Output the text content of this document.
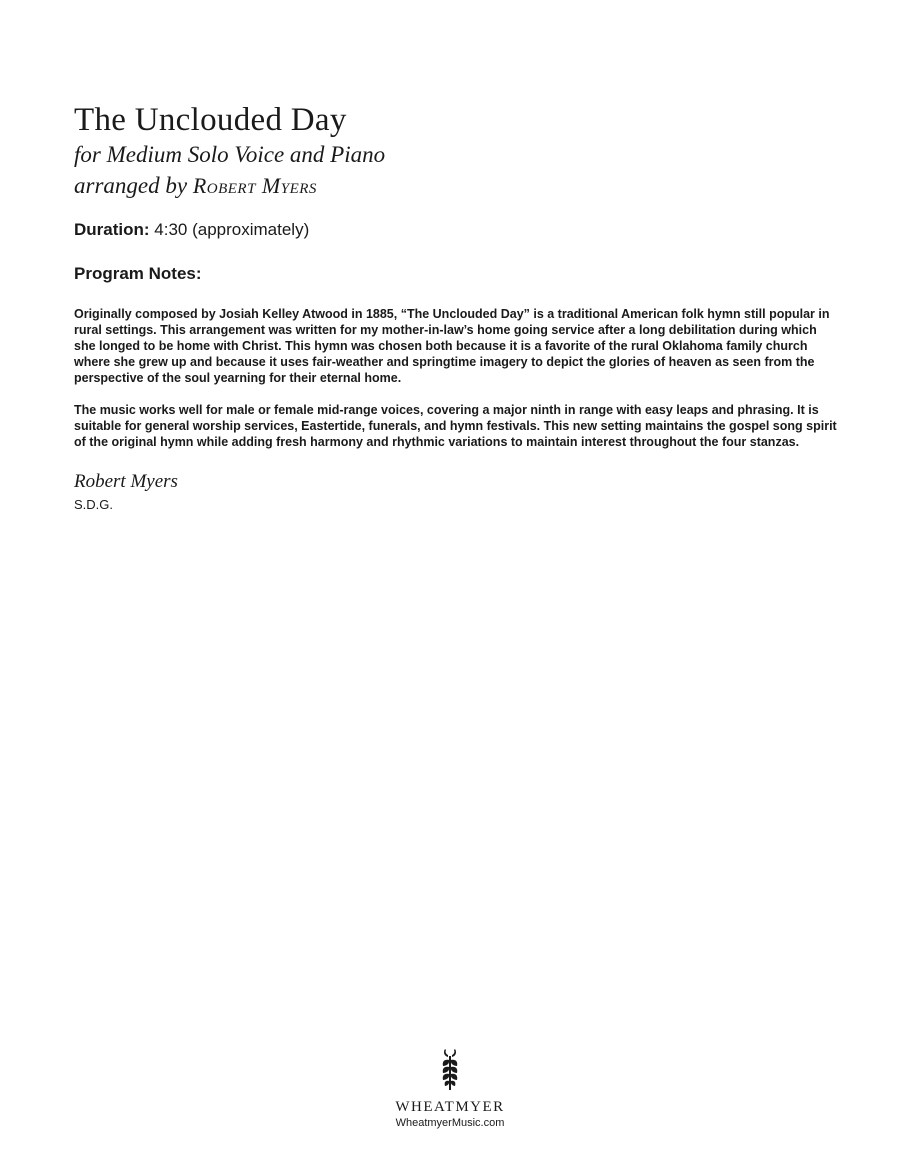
The Unclouded Day

for Medium Solo Voice and Piano

arranged by Robert Myers

Duration: 4:30 (approximately)
Program Notes:

Originally composed by Josiah Kelley Atwood in 1885, “The Unclouded Day” is a traditional American folk hymn still popular in rural settings. This arrangement was written for my mother-in-law’s home going service after a long debilitation during which she longed to be home with Christ. This hymn was chosen both because it is a favorite of the rural Oklahoma family church where she grew up and because it uses fair-weather and springtime imagery to depict the glories of heaven as seen from the perspective of the soul yearning for their eternal home.

The music works well for male or female mid-range voices, covering a major ninth in range with easy leaps and phrasing. It is suitable for general worship services, Eastertide, funerals, and hymn festivals. This new setting maintains the gospel song spirit of the original hymn while adding fresh harmony and rhythmic variations to maintain interest throughout the four stanzas.

Robert Myers
S.D.G.
WHEATMYER
WheatmyerMusic.com
